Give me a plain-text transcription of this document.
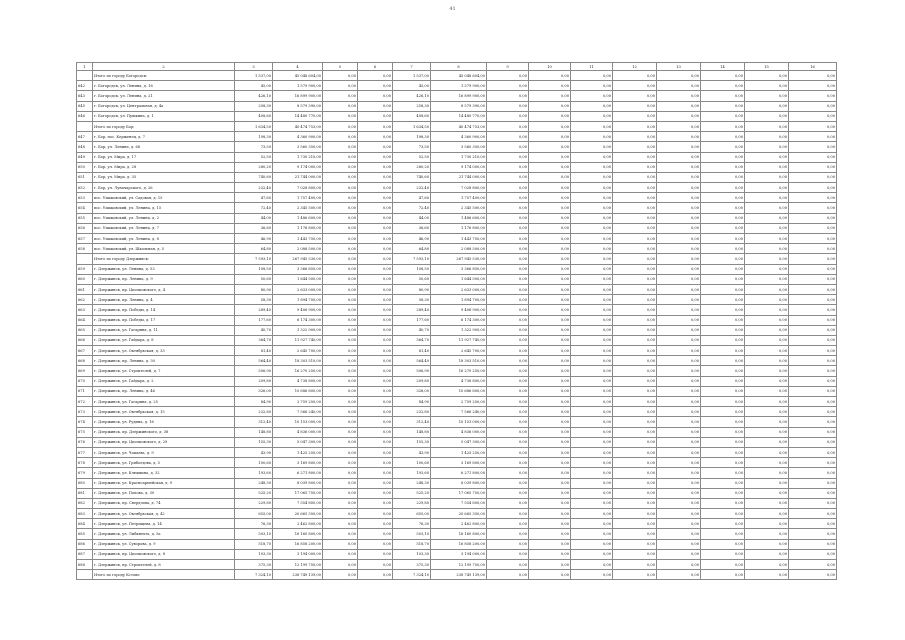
41
1	2	3	4	5	6	7	8	9	10	11	12	13	14	15	16
	Итого по городу Богородск:	1 537,00	45 048 604,00	0,00	0,00	1 537,00	45 048 604,00	0,00	0,00	0,00	0,00	0,00	0,00	0,00	0,00
642	г. Богородск, ул. Ленина, д. 16	45,00	1 579 900,00	0,00	0,00	45,00	1 579 900,00	0,00	0,00	0,00	0,00	0,00	0,00	0,00	0,00
643	г. Богородск, ул. Ленина, д. 21	426,10	16 899 900,00	0,00	0,00	426,10	16 899 900,00	0,00	0,00	0,00	0,00	0,00	0,00	0,00	0,00
645	г. Богородск, ул. Центральная, д. 4а	258,30	8 579 390,00	0,00	0,00	258,30	8 579 390,00	0,00	0,00	0,00	0,00	0,00	0,00	0,00	0,00
646	г. Богородск, ул. Пушкина, д. 1	408,60	14 480 770,00	0,00	0,00	408,60	14 480 770,00	0,00	0,00	0,00	0,00	0,00	0,00	0,00	0,00
	Итого по городу Бор:	1 634,50	40 474 753,00	0,00	0,00	1 634,50	40 474 753,00	0,00	0,00	0,00	0,00	0,00	0,00	0,00	0,00
647	г. Бор, пос. Керженец, д. 7	198,30	4 360 900,00	0,00	0,00	198,30	4 360 900,00	0,00	0,00	0,00	0,00	0,00	0,00	0,00	0,00
648	г. Бор, ул. Ленина, д. 68	73,50	3 560 350,00	0,00	0,00	73,50	3 560 350,00	0,00	0,00	0,00	0,00	0,00	0,00	0,00	0,00
649	г. Бор, ул. Мира, д. 17	52,50	1 730 210,00	0,00	0,00	52,50	1 730 210,00	0,00	0,00	0,00	0,00	0,00	0,00	0,00	0,00
650	г. Бор, ул. Мира, д. 28	280,20	9 174 000,00	0,00	0,00	280,20	9 174 000,00	0,00	0,00	0,00	0,00	0,00	0,00	0,00	0,00
651	г. Бор, ул. Мира, д. 35	740,60	21 744 000,00	0,00	0,00	740,60	21 744 000,00	0,00	0,00	0,00	0,00	0,00	0,00	0,00	0,00
652	г. Бор, ул. Луначарского, д. 26	232,40	7 028 800,00	0,00	0,00	232,40	7 028 800,00	0,00	0,00	0,00	0,00	0,00	0,00	0,00	0,00
653	пос. Ушаковский, ул. Садовая, д. 15	47,60	1 757 400,00	0,00	0,00	47,60	1 757 400,00	0,00	0,00	0,00	0,00	0,00	0,00	0,00	0,00
654	пос. Ушаковский, ул. Ленина, д. 15	72,40	2 345 500,00	0,00	0,00	72,40	2 345 500,00	0,00	0,00	0,00	0,00	0,00	0,00	0,00	0,00
655	пос. Ушаковский, ул. Ленина, д. 2	44,00	1 486 600,00	0,00	0,00	44,00	1 486 600,00	0,00	0,00	0,00	0,00	0,00	0,00	0,00	0,00
656	пос. Ушаковский, ул. Ленина, д. 7	36,60	1 176 800,00	0,00	0,00	36,60	1 176 800,00	0,00	0,00	0,00	0,00	0,00	0,00	0,00	0,00
657	пос. Ушаковский, ул. Ленина, д. 8	46,90	1 443 750,00	0,00	0,00	46,90	1 443 750,00	0,00	0,00	0,00	0,00	0,00	0,00	0,00	0,00
658	пос. Ушаковский, ул. Школьная, д. 5	64,80	2 088 500,00	0,00	0,00	64,80	2 088 500,00	0,00	0,00	0,00	0,00	0,00	0,00	0,00	0,00
	Итого по городу Дзержинск:	7 593,10	267 945 530,00	0,00	0,00	7 593,10	267 945 530,00	0,00	0,00	0,00	0,00	0,00	0,00	0,00	0,00
659	г. Дзержинск, ул. Ленина, д. 53	108,50	3 366 850,00	0,00	0,00	108,50	3 366 850,00	0,00	0,00	0,00	0,00	0,00	0,00	0,00	0,00
660	г. Дзержинск, пр. Ленина, д. 9	50,60	1 644 500,00	0,00	0,00	50,60	1 644 500,00	0,00	0,00	0,00	0,00	0,00	0,00	0,00	0,00
661	г. Дзержинск, пр. Циолковского, д. 4	80,90	2 633 000,00	0,00	0,00	80,90	2 633 000,00	0,00	0,00	0,00	0,00	0,00	0,00	0,00	0,00
662	г. Дзержинск, пр. Ленина, д. 4	58,30	1 894 700,00	0,00	0,00	58,30	1 894 700,00	0,00	0,00	0,00	0,00	0,00	0,00	0,00	0,00
663	г. Дзержинск, пр. Победы, д. 14	289,40	9 406 900,00	0,00	0,00	289,40	9 406 900,00	0,00	0,00	0,00	0,00	0,00	0,00	0,00	0,00
664	г. Дзержинск, пр. Победы, д. 17	177,60	6 174 300,00	0,00	0,00	177,60	6 174 300,00	0,00	0,00	0,00	0,00	0,00	0,00	0,00	0,00
665	г. Дзержинск, ул. Гагарина, д. 11	40,70	1 322 900,00	0,00	0,00	40,70	1 322 900,00	0,00	0,00	0,00	0,00	0,00	0,00	0,00	0,00
666	г. Дзержинск, ул. Гайдара, д. 8	364,70	11 927 740,00	0,00	0,00	364,70	11 927 740,00	0,00	0,00	0,00	0,00	0,00	0,00	0,00	0,00
667	г. Дзержинск, ул. Октябрьская, д. 33	81,40	2 645 700,00	0,00	0,00	81,40	2 645 700,00	0,00	0,00	0,00	0,00	0,00	0,00	0,00	0,00
668	г. Дзержинск, пр. Ленина, д. 30	564,40	18 303 510,00	0,00	0,00	564,40	18 303 510,00	0,00	0,00	0,00	0,00	0,00	0,00	0,00	0,00
669	г. Дзержинск, ул. Строителей, д. 7	506,90	16 270 250,00	0,00	0,00	506,90	16 270 250,00	0,00	0,00	0,00	0,00	0,00	0,00	0,00	0,00
670	г. Дзержинск, ул. Гайдара, д. 2	209,80	4 738 800,00	0,00	0,00	209,80	4 738 800,00	0,00	0,00	0,00	0,00	0,00	0,00	0,00	0,00
671	г. Дзержинск, пр. Ленина, д. 46	326,00	10 686 800,00	0,00	0,00	326,00	10 686 800,00	0,00	0,00	0,00	0,00	0,00	0,00	0,00	0,00
672	г. Дзержинск, ул. Гагарина, д. 25	84,90	2 759 250,00	0,00	0,00	84,90	2 759 250,00	0,00	0,00	0,00	0,00	0,00	0,00	0,00	0,00
673	г. Дзержинск, ул. Октябрьская, д. 15	232,80	7 566 240,00	0,00	0,00	232,80	7 566 240,00	0,00	0,00	0,00	0,00	0,00	0,00	0,00	0,00
674	г. Дзержинск, ул. Рудина, д. 16	312,40	10 153 000,00	0,00	0,00	312,40	10 153 000,00	0,00	0,00	0,00	0,00	0,00	0,00	0,00	0,00
675	г. Дзержинск, пр. Дзержинского, д. 38	148,80	4 836 000,00	0,00	0,00	148,80	4 836 000,00	0,00	0,00	0,00	0,00	0,00	0,00	0,00	0,00
676	г. Дзержинск, пр. Циолковского, д. 29	155,30	5 047 300,00	0,00	0,00	155,30	5 047 300,00	0,00	0,00	0,00	0,00	0,00	0,00	0,00	0,00
677	г. Дзержинск, ул. Чапаева, д. 9	43,90	1 425 250,00	0,00	0,00	43,90	1 425 250,00	0,00	0,00	0,00	0,00	0,00	0,00	0,00	0,00
678	г. Дзержинск, ул. Грибоедова, д. 5	100,60	3 169 800,00	0,00	0,00	100,60	3 169 800,00	0,00	0,00	0,00	0,00	0,00	0,00	0,00	0,00
679	г. Дзержинск, ул. Клюквина, д. 32	193,60	6 271 800,00	0,00	0,00	193,60	6 271 800,00	0,00	0,00	0,00	0,00	0,00	0,00	0,00	0,00
680	г. Дзержинск, ул. Красноармейская, д. 9	248,30	8 039 800,00	0,00	0,00	248,30	8 039 800,00	0,00	0,00	0,00	0,00	0,00	0,00	0,00	0,00
681	г. Дзержинск, ул. Попова, д. 30	525,20	17 065 750,00	0,00	0,00	525,20	17 065 750,00	0,00	0,00	0,00	0,00	0,00	0,00	0,00	0,00
682	г. Дзержинск, пр. Свердлова, д. 74	229,80	7 554 800,00	0,00	0,00	229,80	7 554 800,00	0,00	0,00	0,00	0,00	0,00	0,00	0,00	0,00
683	г. Дзержинск, ул. Октябрьская, д. 42	655,00	20 665 350,00	0,00	0,00	655,00	20 665 350,00	0,00	0,00	0,00	0,00	0,00	0,00	0,00	0,00
684	г. Дзержинск, ул. Петрищева, д. 14	76,30	2 462 800,00	0,00	0,00	76,30	2 462 800,00	0,00	0,00	0,00	0,00	0,00	0,00	0,00	0,00
685	г. Дзержинск, ул. Либкнехта, д. 5а	503,10	16 160 800,00	0,00	0,00	503,10	16 160 800,00	0,00	0,00	0,00	0,00	0,00	0,00	0,00	0,00
686	г. Дзержинск, ул. Суворова, д. 9	518,70	16 858 200,00	0,00	0,00	518,70	16 858 200,00	0,00	0,00	0,00	0,00	0,00	0,00	0,00	0,00
687	г. Дзержинск, пр. Циолковского, д. 8	103,30	3 194 000,00	0,00	0,00	103,30	3 194 000,00	0,00	0,00	0,00	0,00	0,00	0,00	0,00	0,00
688	г. Дзержинск, пр. Строителей, д. 8	375,30	12 199 750,00	0,00	0,00	375,30	12 199 750,00	0,00	0,00	0,00	0,00	0,00	0,00	0,00	0,00
	Итого по городу Кстово:	7 324,10	238 749 139,00	0,00	0,00	7 324,10	238 749 139,00	0,00	0,00	0,00	0,00	0,00	0,00	0,00	0,00
